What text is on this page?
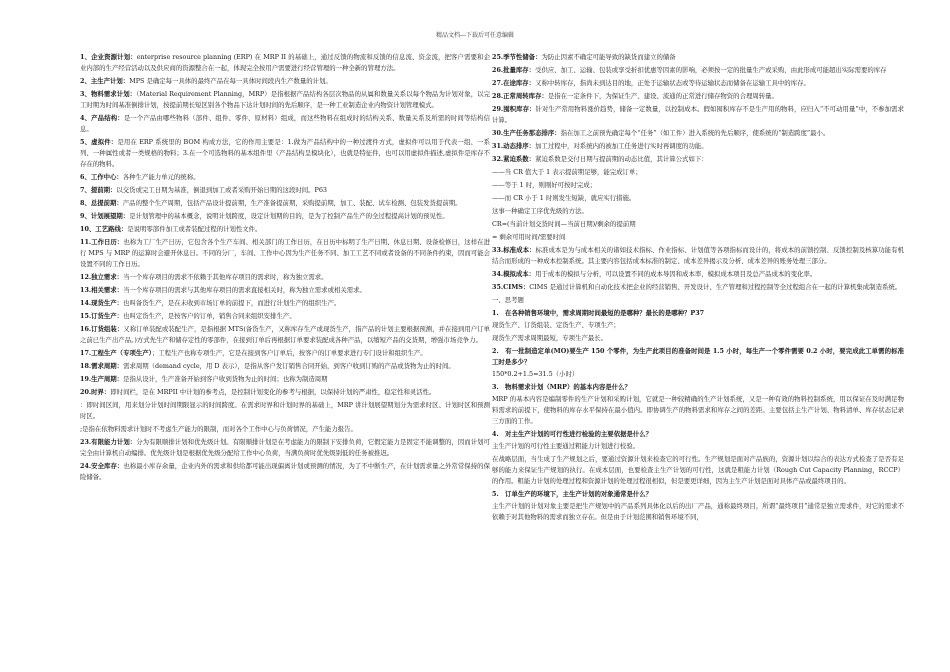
精品文档---下载后可任意编辑
1、企业资源计划：enterprise resource planning (ERP) 在 MRP II 的基础上，通过反馈的物流和反馈的信息流、资金流，把客户需要和企业内部的生产经营活动以及供应商的资源整合在一起，体现完全按用户需要进行经营管理的一种全新的管理方法。
2、主生产计划：MPS 是确定每一具体的最终产品在每一具体时间段内生产数量的计划。
3、物料需求计划：（Material Requirement Planning，MRP）是指根据产品结构各层次物品的从属和数量关系以每个物品为计划对象，以完工时期为时间基准倒排计划，按提前期长短区别各个物品下达计划时间的先后顺序，是一种工业制造企业内物资计划管理模式。
4、产品结构：是一个产品由哪些物料（部件、组件、零件、原材料）组成，而这些物料在组成时的结构关系、数量关系及所需的时间等结构信息。
5、虚拟件：是用在 ERP 系统里的 BOM 构成方法，它的作用主要是：1.做为产品结构中的一种过渡件方式，虚拟件可以用于代表一组、一系列、一种属性或者一类规格的物料；3.在一个可选物料的基本组件里（产品结构呈模块化），也就是特征件，也可以用虚拟件描述,虚拟件是库存不存在的物料。
6、工作中心：各种生产能力单元的统称。
7、提前期：以交货或完工日期为基准，倒退到加工或者采购开始日期的这段时间。P63
8、总提前期：产品的整个生产周期，包括产品设计提前期，生产准备提前期，采购提前期，加工、装配、试车检测、包装发货提前期。
9、计划展望期：是计划管理中的基本概念，说明计划跨度，设定计划期的目的，是为了控制产品生产的全过程提高计划的预见性。
10、工艺路线：是说明零部件加工或者装配过程的计划性文件。
11.工作日历：也称为工厂生产日历，它包含各个生产车间、相关部门的工作日历，在日历中标明了生产日期、休息日期、设备检修日，这样在进行 MPS 与 MRP 的运算时会避开休息日。不同的分厂，车间、工作中心因为生产任务不同、加工工艺不同或者设备的不同条件约束，因而可能会设置不同的工作日历。
12.独立需求：当一个库存项目的需求不依赖于其他库存项目的需求时，称为独立需求。
13.相关需求：当一个库存项目的需求与其他库存项目的需求直接相关时，称为独立需求或相关需求。
14.现货生产：也叫备货生产，是在未收到市场订单的前提下，而进行计划生产的组织生产。
15.订货生产：也叫定货生产，是按客户的订单，销售合同来组织安排生产。
16.订货组装：又称订单装配或装配生产，是指根据 MTS(备货生产，又称库存生产或现货生产，指产品的计划主要根据预测，并在接到用户订单之前已生产出产品。)方式先生产和储存定性的零部件，在接到订单后再根据订单要求装配成各种产品，以缩短产品的交货期，增强市场竞争力。
17.工程生产（专项生产）；工程生产也称专项生产，它是在接到客户订单后，按客户的订单要求进行专门设计和组织生产。
18.需求周期：需求周期（demand cycle，用 D 表示），是指从客户发订销售合同开始，到客户收到订购的产品或货物为止的时间。
19.生产周期：是指从设计，生产准备开始到客户收到货物为止的时间；也称为制造周期
20.时界：即时间栏，是在 MRPII 中计划的参考点，是控制计划变化的参考与根据，以保持计划的严肃性，稳定性和灵活性。
：即时间区间，用来划分计划时间期限显示的时间跨度。在需求时界和计划时界的基础上，MRP 讲计划展望期划分为需求时区、计划时区和预测时区。
;是指在依物料需求计划时不考虑生产能力的限制，而对各个工作中心与负荷情况，产生能力报告。
23.有限能力计划：分为有限顺排计划和优先级计划。有限顺排计划是在考虑能力的限制下安排负荷，它假定能力是固定不能调整的，因而计划可完全由计算机自动编排。优先级计划是根据优先级分配给工作中心负荷，当满负荷时优先级别低的任务被推迟。
24.安全库存：也称最小库存余量，企业内外的需求和供给都可能出现偏离计划或预测的情况，为了不中断生产，在计划需求量之外常常保持的保险储备。
25.季节性储备：为防止因素不确定可能导致的缺货而建立的储备
26.批量库存：受供应、加工、运输、包装或享受折扣优惠等因素的影响，必须按一定的批量生产或采购，由此形成可能超出实际需要的库存
27.在途库存：又称中转库存，指尚未到达目的地，正处于运输状态或等待运输状态而储备在运输工具中的库存。
28.正常周转库存：是指在一定条件下，为保证生产、建设、流通的正常进行储存物资的合理周转量。
29.囤积库存：针对生产常用物料涨价趋势，储备一定数量，以控制成本。假如囤积库存不是生产用的物料，应归入“不可动用量”中，不参加需求计算。
30.生产任务那态排序：指在加工之前预先确定每个“任务”（如工件）进入系统的先后顺序，使系统的“制造跨度”最小。
31.动态排序：加工过程中，对系统内的被加工任务进行实时再调度的功能。
32.紧迫系数：紧迫系数是交付日期与提前期的动态比值，其计算公式如下：
——当 CR 值大于 1 表示提前期足够，能完成订单；
——等于 1 时，则刚好可按时完成；
——而 CR 小于 1 时则发生短缺，就应实行措施。
这事一种确定工序优先级的方法。
CR=(当前计划交货时间—当前日期)/剩余的提前期
= 剩余可用时间/需要时间
33.标准成本：标准成本是为与成本相关的诸如技术指标、作业指标、计划值等各项指标而设计的，将成本的前馈控制、反馈控制及核算功能有机结合而形成的一种成本控制系统。其主要内容包括成本标准的制定、成本差异揭示及分析、成本差异的账务处理三部分。
34.模拟成本：用于成本的模拟与分析，可以设置不同的成本导因和成本率，模拟成本项目及总产品成本的变化率。
35.CIMS：CIMS 是通过计算机和自动化技术把企业的经营销售、开发设计、生产管理和过程控制等全过程组合在一起的计算机集成制造系统。
一、思考题
1.　在各种销售环境中，需求周期时间最短的是哪种？最长的是哪种？P37
现货生产、订货组装、定货生产、专项生产；
现货生产需求周期最短，专项生产最长。
2.　有一批制造定单(MO)要生产 150 个零件，为生产此项目的准备时间是 1.5 小时，每生产一个零件需要 0.2 小时，要完成此工单需的标准工时是多少？
150*0.2+1.5=31.5（小时）
3.　物料需求计划（MRP）的基本内容是什么？
MRP 的基本内容是编制零件的生产计划和采购计划，它就是一种较精确的生产计划系统，又是一种有效的物料控制系统，用以保证在及时满足物料需求的前提下，使物料的库存水平保持在最小值内。即协调生产的物料需求和库存之间的差距。主要包括主生产计划、物料清单、库存状态记录三方面的工作。
4.　对主生产计划的可行性进行检验的主要依据是什么？
主生产计划的可行性主要通过粗能力计划进行校验。
在战略层面，当生成了生产规划之后，要通过资源计划来检查它的可行性。生产规划是面对产品族的，资源计划以综合的表达方式检查了是否有足够的能力来保证生产规划的执行。在成本层面，也要检查主生产计划的可行性，这就是粗能力计划（Rough Cut Capacity Planning，RCCP）的作用。粗能力计划的处理过程和资源计划的处理过程很相似，但是要更详细，因为主生产计划是面对具体产品或最终项目的。
5.　订单生产的环境下，主生产计划的对象通常是什么？
主生产计划的计划对象主要是把生产规划中的产品系列具体化以后的出厂产品，通称最终项目，所谓“最终项目”通常是独立需求件，对它的需求不依赖于对其他物料的需求而独立存在。但是由于计划范围和销售环境不同，
